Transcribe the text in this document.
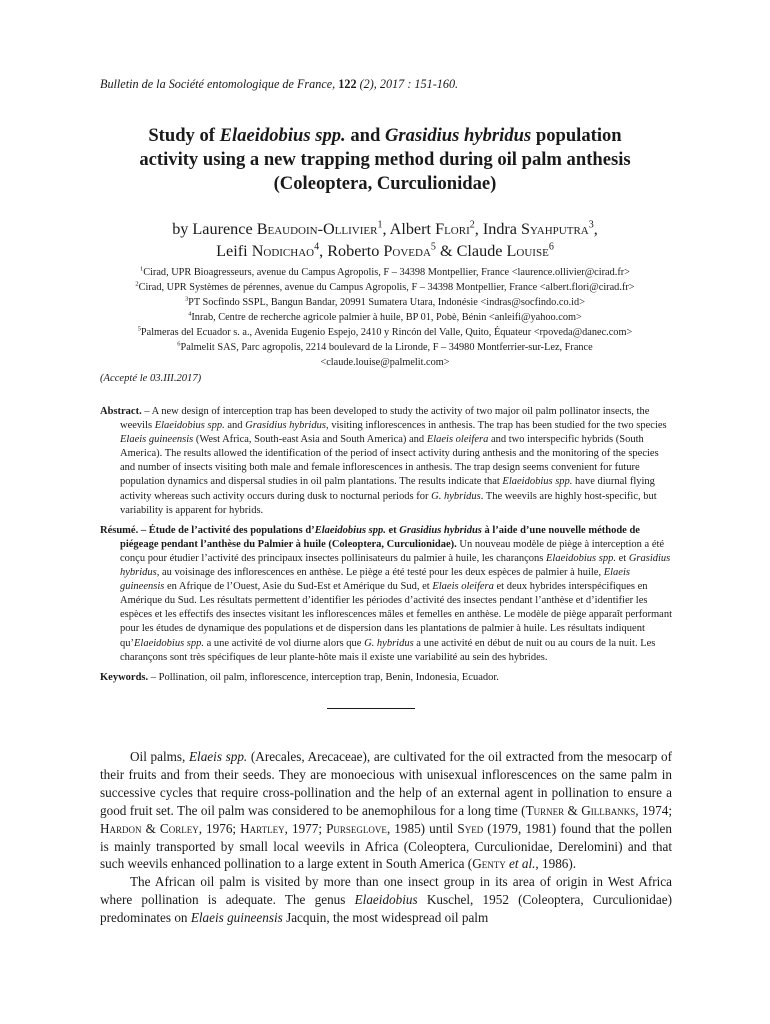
Bulletin de la Société entomologique de France, 122 (2), 2017 : 151-160.
Study of Elaeidobius spp. and Grasidius hybridus population
activity using a new trapping method during oil palm anthesis
(Coleoptera, Curculionidae)
by Laurence Beaudoin-Ollivier$^1$, Albert Flori$^2$, Indra Syahputra$^3$,
Leifi Nodichao$^4$, Roberto Poveda$^5$ & Claude Louise$^6$
$^1$Cirad, UPR Bioagresseurs, avenue du Campus Agropolis, F – 34398 Montpellier, France <laurence.ollivier@cirad.fr>
$^2$Cirad, UPR Systèmes de pérennes, avenue du Campus Agropolis, F – 34398 Montpellier, France <albert.flori@cirad.fr>
$^3$PT Socfindo SSPL, Bangun Bandar, 20991 Sumatera Utara, Indonésie <indras@socfindo.co.id>
$^4$Inrab, Centre de recherche agricole palmier à huile, BP 01, Pobè, Bénin <anleifi@yahoo.com>
$^5$Palmeras del Ecuador s. a., Avenida Eugenio Espejo, 2410 y Rincón del Valle, Quito, Équateur <rpoveda@danec.com>
$^6$Palmelit SAS, Parc agropolis, 2214 boulevard de la Lironde, F – 34980 Montferrier-sur-Lez, France
<claude.louise@palmelit.com>
(Accepté le 03.III.2017)

Abstract. – A new design of interception trap has been developed to study the activity of two major oil palm pollinator insects, the weevils Elaeidobius spp. and Grasidius hybridus, visiting inflorescences in anthesis. The trap has been studied for the two species Elaeis guineensis (West Africa, South-east Asia and South America) and Elaeis oleifera and two interspecific hybrids (South America). The results allowed the identification of the period of insect activity during anthesis and the monitoring of the species and number of insects visiting both male and female inflorescences in anthesis. The trap design seems convenient for future population dynamics and dispersal studies in oil palm plantations. The results indicate that Elaeidobius spp. have diurnal flying activity whereas such activity occurs during dusk to nocturnal periods for G. hybridus. The weevils are highly host-specific, but variability is apparent for hybrids.

Résumé. – Étude de l’activité des populations d’Elaeidobius spp. et Grasidius hybridus à l’aide d’une nouvelle méthode de piégeage pendant l’anthèse du Palmier à huile (Coleoptera, Curculionidae). Un nouveau modèle de piège à interception a été conçu pour étudier l’activité des principaux insectes pollinisateurs du palmier à huile, les charançons Elaeidobius spp. et Grasidius hybridus, au voisinage des inflorescences en anthèse. Le piège a été testé pour les deux espèces de palmier à huile, Elaeis guineensis en Afrique de l’Ouest, Asie du Sud-Est et Amérique du Sud, et Elaeis oleifera et deux hybrides interspécifiques en Amérique du Sud. Les résultats permettent d’identifier les périodes d’activité des insectes pendant l’anthèse et d’identifier les espèces et les effectifs des insectes visitant les inflorescences mâles et femelles en anthèse. Le modèle de piège apparaît performant pour les études de dynamique des populations et de dispersion dans les plantations de palmier à huile. Les résultats indiquent qu’Elaeidobius spp. a une activité de vol diurne alors que G. hybridus a une activité en début de nuit ou au cours de la nuit. Les charançons sont très spécifiques de leur plante-hôte mais il existe une variabilité au sein des hybrides.

Keywords. – Pollination, oil palm, inflorescence, interception trap, Benin, Indonesia, Ecuador.

Oil palms, Elaeis spp. (Arecales, Arecaceae), are cultivated for the oil extracted from the mesocarp of their fruits and from their seeds. They are monoecious with unisexual inflorescences on the same palm in successive cycles that require cross-pollination and the help of an external agent in pollination to ensure a good fruit set. The oil palm was considered to be anemophilous for a long time (Turner & Gillbanks, 1974; Hardon & Corley, 1976; Hartley, 1977; Purseglove, 1985) until Syed (1979, 1981) found that the pollen is mainly transported by small local weevils in Africa (Coleoptera, Curculionidae, Derelomini) and that such weevils enhanced pollination to a large extent in South America (Genty et al., 1986).

The African oil palm is visited by more than one insect group in its area of origin in West Africa where pollination is adequate. The genus Elaeidobius Kuschel, 1952 (Coleoptera, Curculionidae) predominates on Elaeis guineensis Jacquin, the most widespread oil palm
